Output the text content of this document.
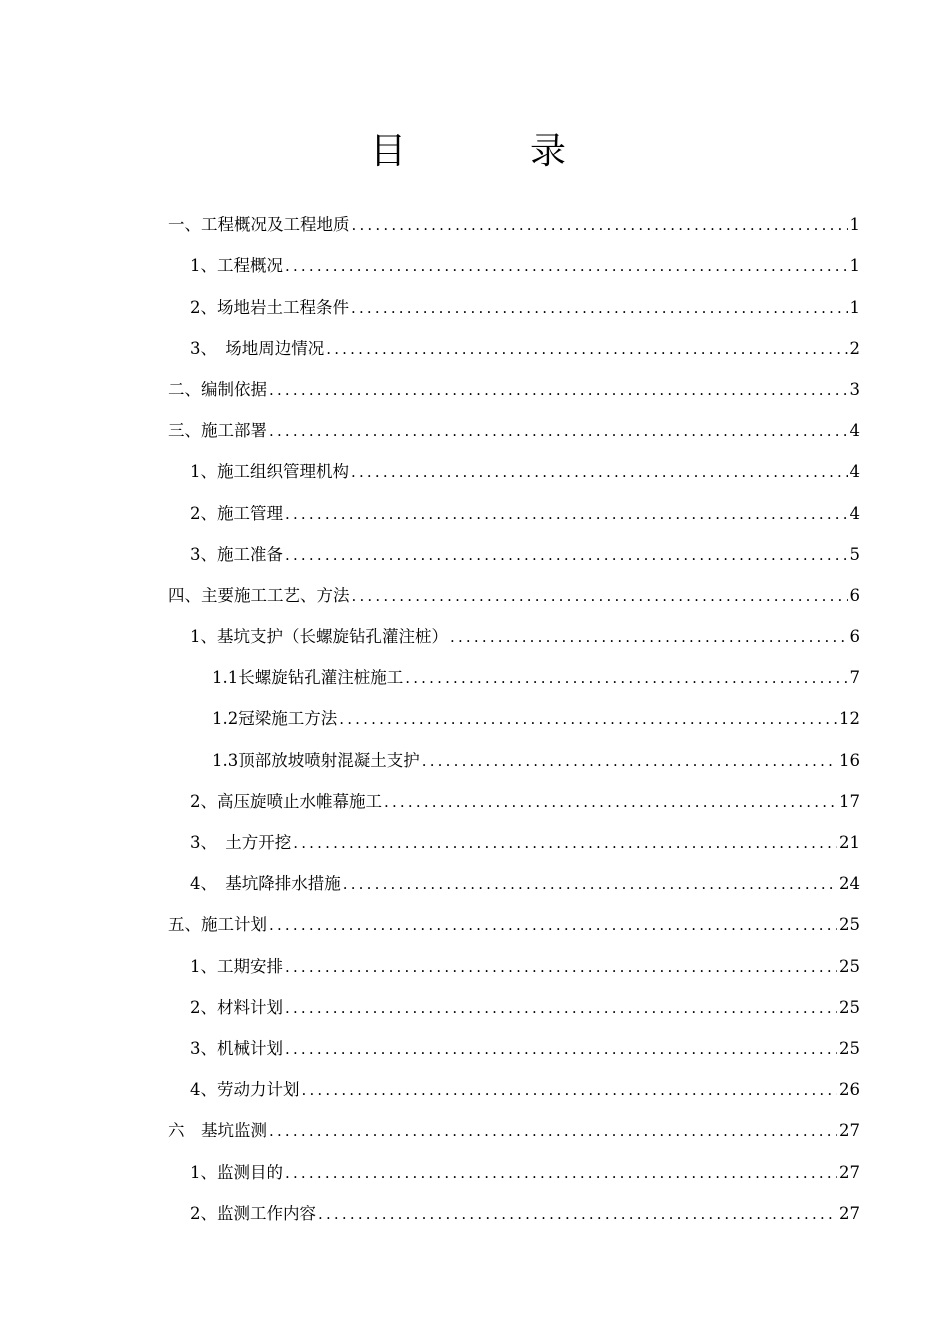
目　录
一、工程概况及工程地质 .....	1
1、工程概况 .....	1
2、场地岩土工程条件 .....	1
3、　场地周边情况 .....	2
二、编制依据 .....	3
三、施工部署 .....	4
1、施工组织管理机构 .....	4
2、施工管理 .....	4
3、施工准备 .....	5
四、主要施工工艺、方法 .....	6
1、基坑支护（长螺旋钻孔灌注桩） .....	6
1.1长螺旋钻孔灌注桩施工 .....	7
1.2冠梁施工方法 .....	12
1.3顶部放坡喷射混凝土支护 .....	16
2、高压旋喷止水帷幕施工 .....	17
3、　土方开挖 .....	21
4、　基坑降排水措施 .....	24
五、施工计划 .....	25
1、工期安排 .....	25
2、材料计划 .....	25
3、机械计划 .....	25
4、劳动力计划 .....	26
六　基坑监测 .....	27
1、监测目的 .....	27
2、监测工作内容 .....	27
